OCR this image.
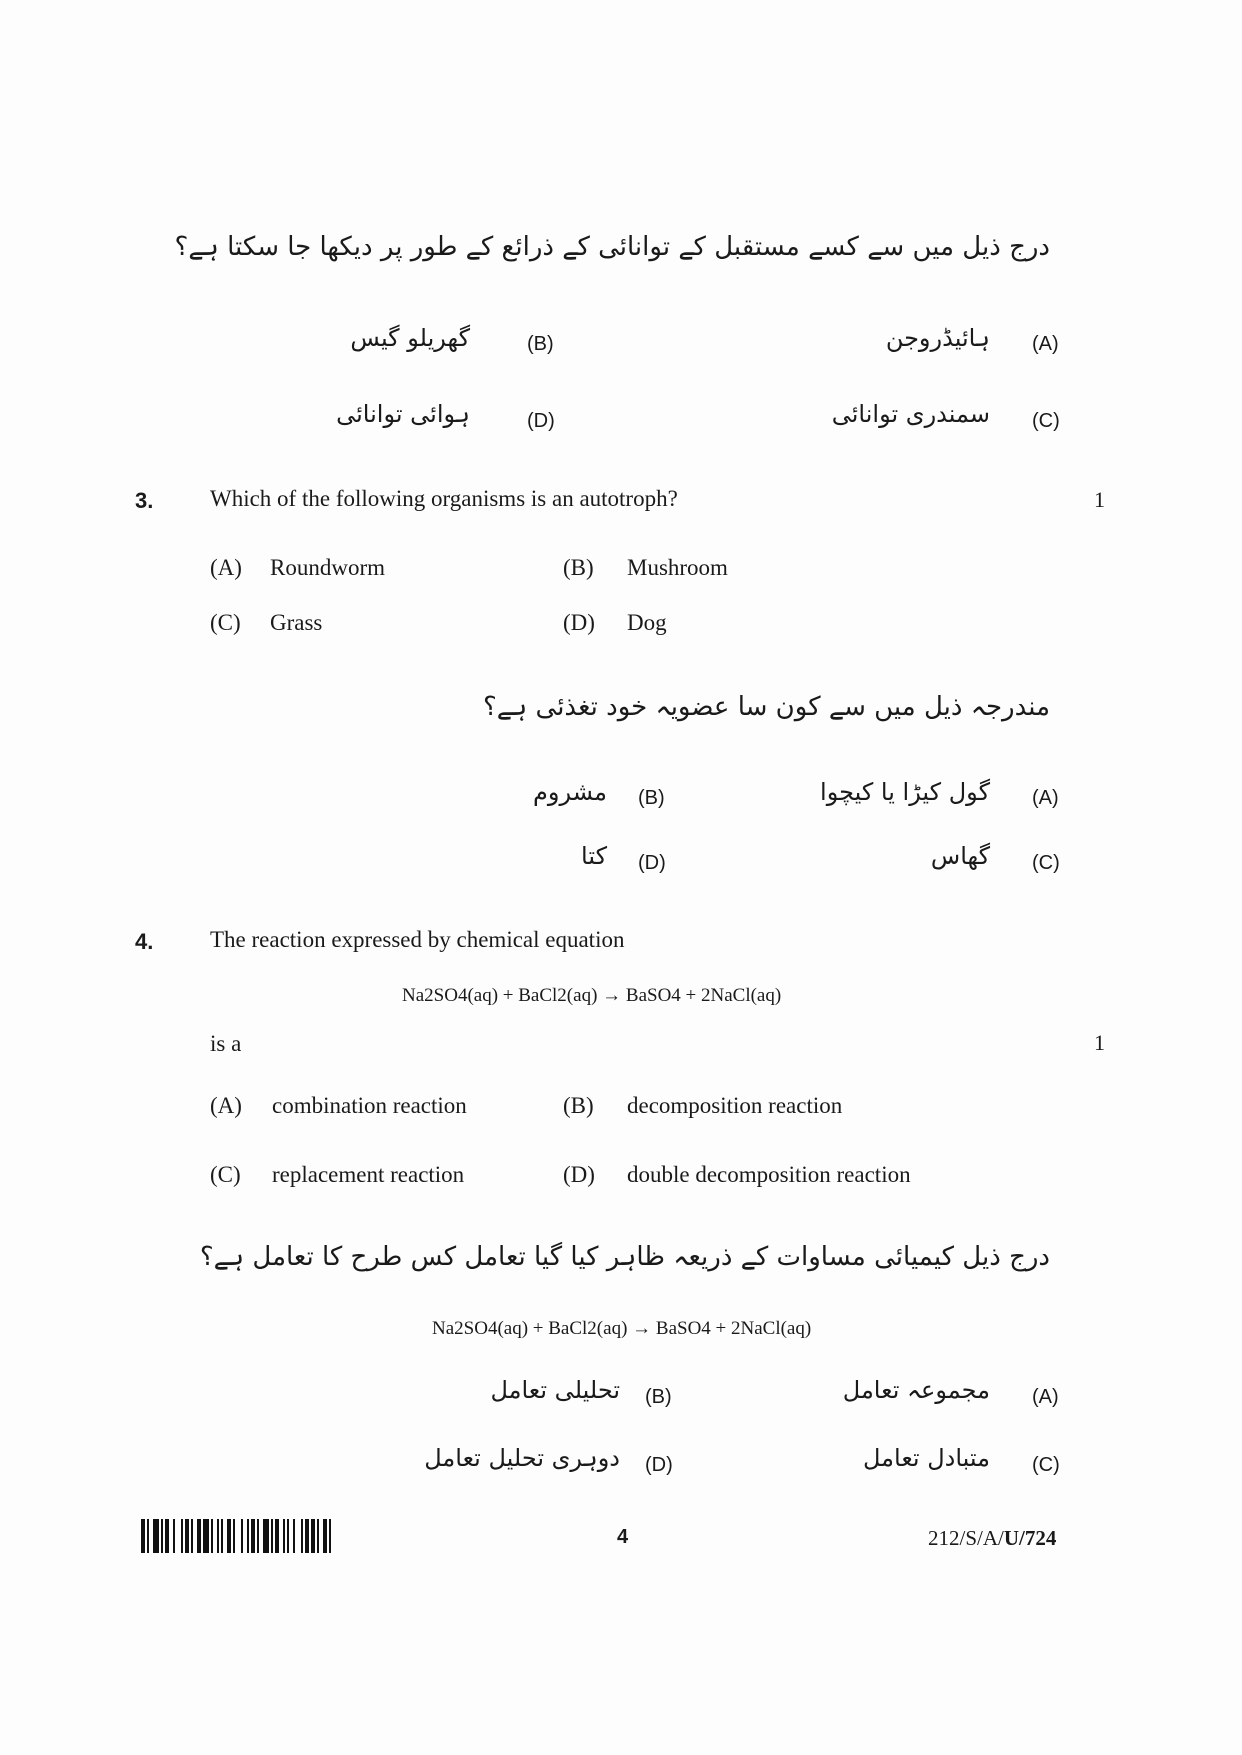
درج ذیل میں سے کسے مستقبل کے توانائی کے ذرائع کے طور پر دیکھا جا سکتا ہے؟
(A)
ہائیڈروجن
(B)
گھریلو گیس
(C)
سمندری توانائی
(D)
ہوائی توانائی
3. Which of the following organisms is an autotroph?	1
(A) Roundworm	(B) Mushroom
(C) Grass	(D) Dog
مندرجہ ذیل میں سے کون سا عضویہ خود تغذئی ہے؟
(A)
گول کیڑا یا کیچوا
(B)
مشروم
(C)
گھاس
(D)
کتا
4. The reaction expressed by chemical equation
Na2SO4(aq) + BaCl2(aq) → BaSO4 + 2NaCl(aq)
is a	1
(A) combination reaction	(B) decomposition reaction
(C) replacement reaction	(D) double decomposition reaction
درج ذیل کیمیائی مساوات کے ذریعہ ظاہر کیا گیا تعامل کس طرح کا تعامل ہے؟
Na2SO4(aq) + BaCl2(aq) → BaSO4 + 2NaCl(aq)
(A)
مجموعہ تعامل
(B)
تحلیلی تعامل
(C)
متبادل تعامل
(D)
دوہری تحلیل تعامل
4	212/S/A/U/724
